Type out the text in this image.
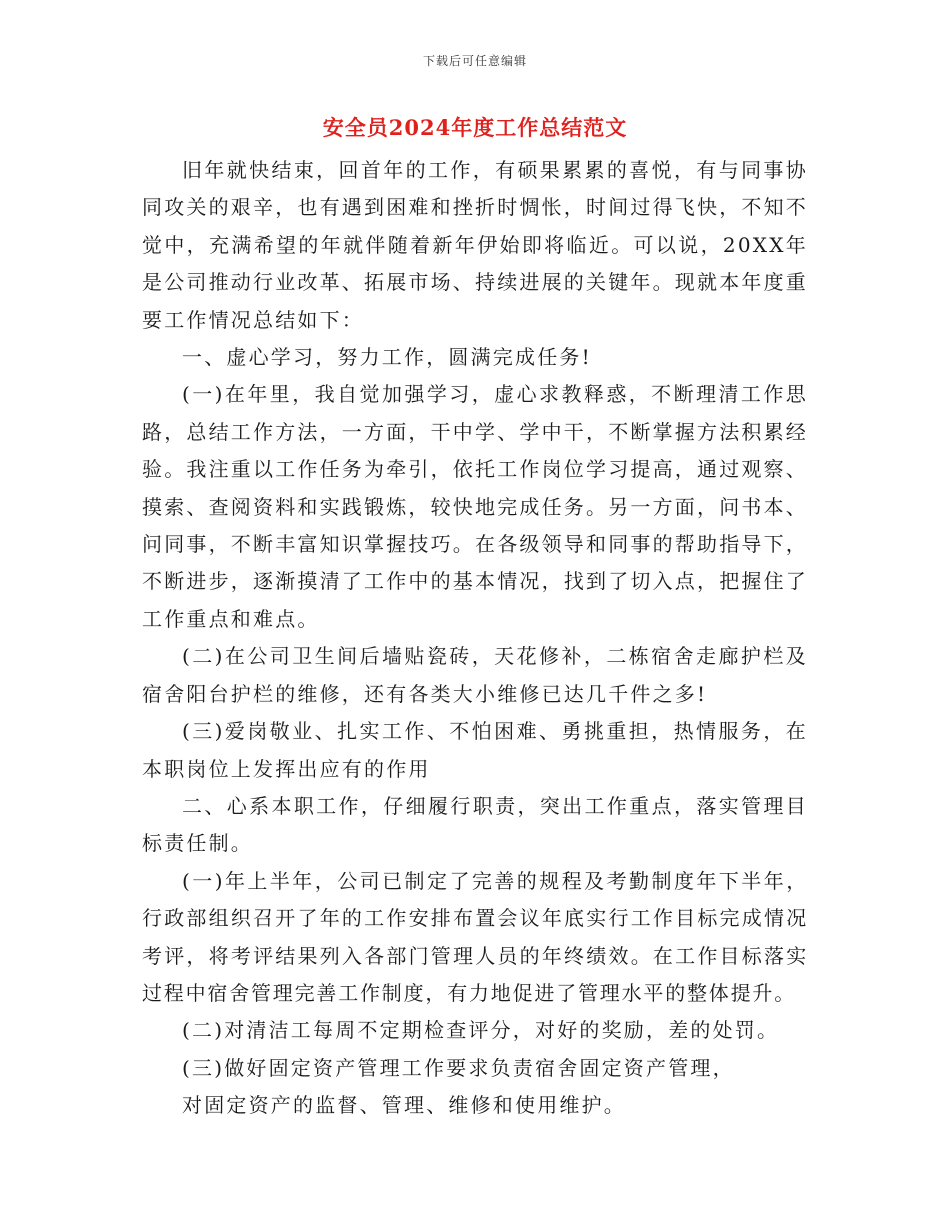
下载后可任意编辑
安全员2024年度工作总结范文

旧年就快结束，回首年的工作，有硕果累累的喜悦，有与同事协同攻关的艰辛，也有遇到困难和挫折时惆怅，时间过得飞快，不知不觉中，充满希望的年就伴随着新年伊始即将临近。可以说，20XX年是公司推动行业改革、拓展市场、持续进展的关键年。现就本年度重要工作情况总结如下：

一、虚心学习，努力工作，圆满完成任务!

(一)在年里，我自觉加强学习，虚心求教释惑，不断理清工作思路，总结工作方法，一方面，干中学、学中干，不断掌握方法积累经验。我注重以工作任务为牵引，依托工作岗位学习提高，通过观察、摸索、查阅资料和实践锻炼，较快地完成任务。另一方面，问书本、问同事，不断丰富知识掌握技巧。在各级领导和同事的帮助指导下，不断进步，逐渐摸清了工作中的基本情况，找到了切入点，把握住了工作重点和难点。

(二)在公司卫生间后墙贴瓷砖，天花修补，二栋宿舍走廊护栏及宿舍阳台护栏的维修，还有各类大小维修已达几千件之多!

(三)爱岗敬业、扎实工作、不怕困难、勇挑重担，热情服务，在本职岗位上发挥出应有的作用

二、心系本职工作，仔细履行职责，突出工作重点，落实管理目标责任制。

(一)年上半年，公司已制定了完善的规程及考勤制度年下半年，行政部组织召开了年的工作安排布置会议年底实行工作目标完成情况考评，将考评结果列入各部门管理人员的年终绩效。在工作目标落实过程中宿舍管理完善工作制度，有力地促进了管理水平的整体提升。

(二)对清洁工每周不定期检查评分，对好的奖励，差的处罚。

(三)做好固定资产管理工作要求负责宿舍固定资产管理，

对固定资产的监督、管理、维修和使用维护。
